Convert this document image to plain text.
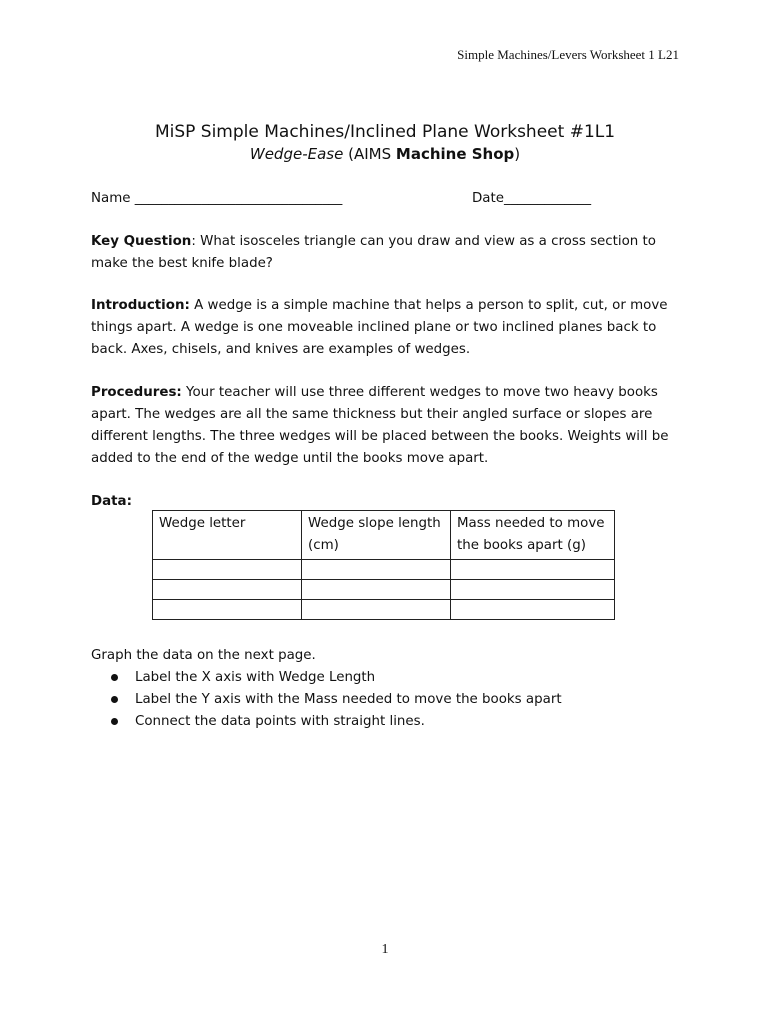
Simple Machines/Levers Worksheet 1 L21
MiSP Simple Machines/Inclined Plane Worksheet #1L1
Wedge-Ease (AIMS Machine Shop)
Name _______________________________	Date_____________
Key Question: What isosceles triangle can you draw and view as a cross section to make the best knife blade?
Introduction: A wedge is a simple machine that helps a person to split, cut, or move things apart. A wedge is one moveable inclined plane or two inclined planes back to back. Axes, chisels, and knives are examples of wedges.
Procedures: Your teacher will use three different wedges to move two heavy books apart. The wedges are all the same thickness but their angled surface or slopes are different lengths. The three wedges will be placed between the books. Weights will be added to the end of the wedge until the books move apart.
Data:
Wedge letter	Wedge slope length (cm)	Mass needed to move the books apart (g)

Graph the data on the next page.
Label the X axis with Wedge Length
Label the Y axis with the Mass needed to move the books apart
Connect the data points with straight lines.
1
